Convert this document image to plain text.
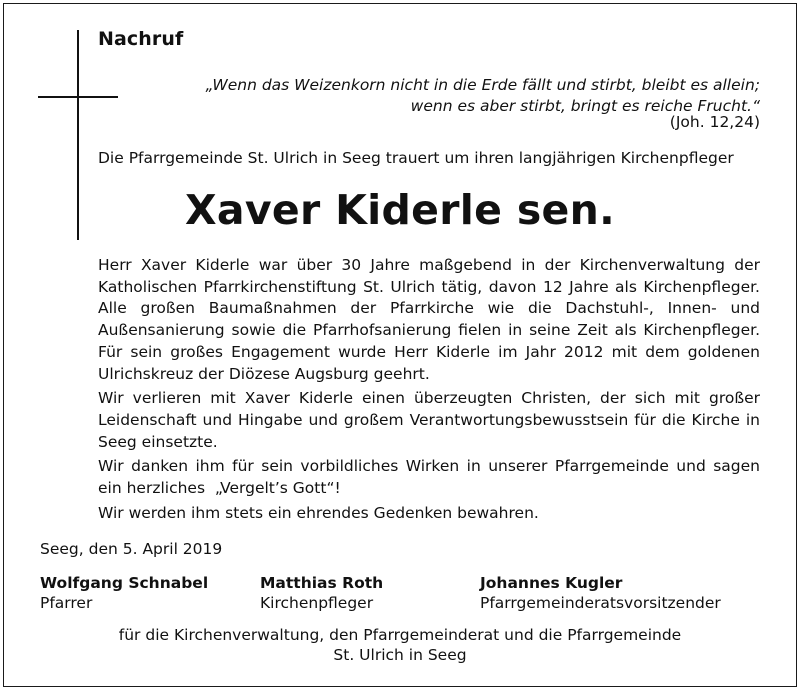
Nachruf
„Wenn das Weizenkorn nicht in die Erde fällt und stirbt, bleibt es allein;
wenn es aber stirbt, bringt es reiche Frucht.“
(Joh. 12,24)
Die Pfarrgemeinde St. Ulrich in Seeg trauert um ihren langjährigen Kirchenpfleger
Xaver Kiderle sen.

Herr Xaver Kiderle war über 30 Jahre maßgebend in der Kirchenverwaltung der Katholischen Pfarrkirchenstiftung St. Ulrich tätig, davon 12 Jahre als Kirchenpfleger. Alle großen Baumaßnahmen der Pfarrkirche wie die Dachstuhl-, Innen- und Außensanierung sowie die Pfarrhofsanierung fielen in seine Zeit als Kirchenpfleger. Für sein großes Engagement wurde Herr Kiderle im Jahr 2012 mit dem goldenen Ulrichskreuz der Diözese Augsburg geehrt.

Wir verlieren mit Xaver Kiderle einen überzeugten Christen, der sich mit großer Leidenschaft und Hingabe und großem Verantwortungsbewusstsein für die Kirche in Seeg einsetzte.

Wir danken ihm für sein vorbildliches Wirken in unserer Pfarrgemeinde und sagen ein herzliches  „Vergelt’s Gott“!

Wir werden ihm stets ein ehrendes Gedenken bewahren.

Seeg, den 5. April 2019
Wolfgang Schnabel
Pfarrer
Matthias Roth
Kirchenpfleger
Johannes Kugler
Pfarrgemeinderatsvorsitzender
für die Kirchenverwaltung, den Pfarrgemeinderat und die Pfarrgemeinde
St. Ulrich in Seeg
